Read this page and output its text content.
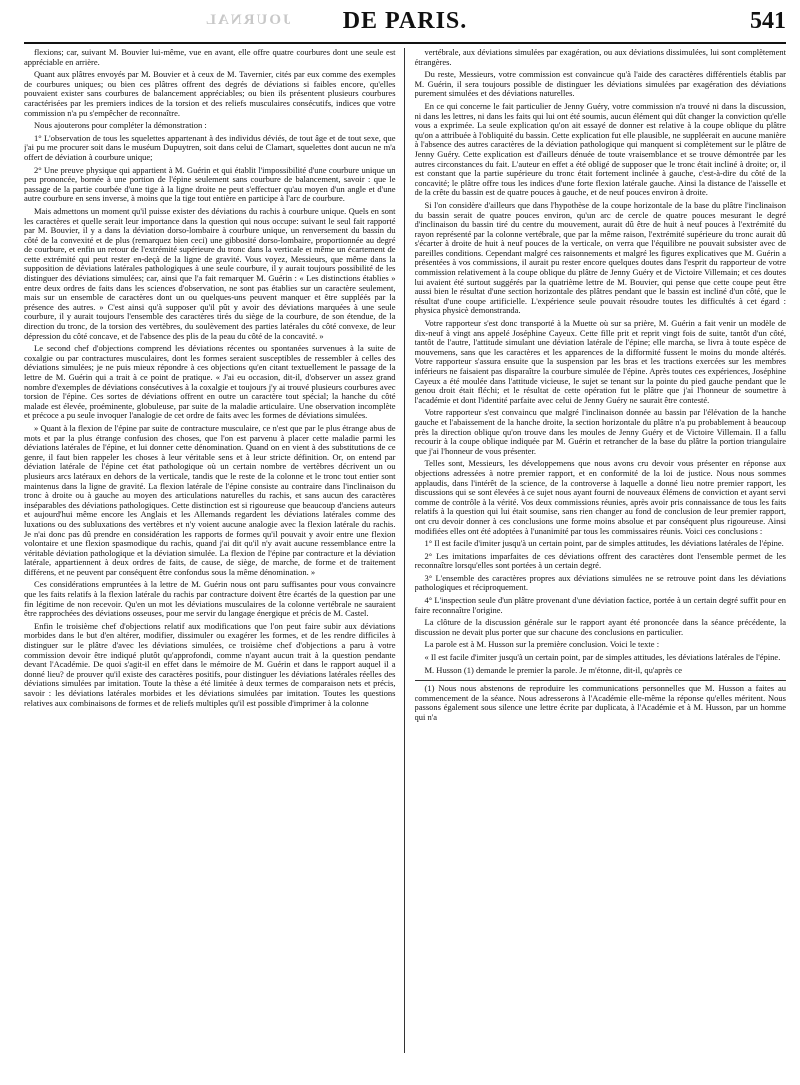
JOURNAL	DE PARIS.	541

flexions; car, suivant M. Bouvier lui-même, vue en avant, elle offre quatre courbures dont une seule est appréciable en arrière.

Quant aux plâtres envoyés par M. Bouvier et à ceux de M. Tavernier, cités par eux comme des exemples de courbures uniques; ou bien ces plâtres offrent des degrés de déviations si faibles encore, qu'elles pouvaient exister sans courbures de balancement appréciables; ou bien ils présentent plusieurs courbures caractérisées par les premiers indices de la torsion et des reliefs musculaires consécutifs, indices que votre commission n'a pu s'empêcher de reconnaître.

Nous ajouterons pour compléter la démonstration :

1° L'observation de tous les squelettes appartenant à des individus déviés, de tout âge et de tout sexe, que j'ai pu me procurer soit dans le muséum Dupuytren, soit dans celui de Clamart, squelettes dont aucun ne m'a offert de déviation à courbure unique;

2° Une preuve physique qui appartient à M. Guérin et qui établit l'impossibilité d'une courbure unique un peu prononcée, bornée à une portion de l'épine seulement sans courbure de balancement, savoir : que le passage de la partie courbée d'une tige à la ligne droite ne peut s'effectuer qu'au moyen d'un angle et d'une autre courbure en sens inverse, à moins que la tige tout entière en participe à l'arc de courbure.

Mais admettons un moment qu'il puisse exister des déviations du rachis à courbure unique. Quels en sont les caractères et quelle serait leur importance dans la question qui nous occupe: suivant le seul fait rapporté par M. Bouvier, il y a dans la déviation dorso-lombaire à courbure unique, un renversement du bassin du côté de la convexité et de plus (remarquez bien ceci) une gibbosité dorso-lombaire, proportionnée au degré de courbure, et enfin un retour de l'extrémité supérieure du tronc dans la verticale et même un écartement de cette extrémité qui peut rester en-deçà de la ligne de gravité. Vous voyez, Messieurs, que même dans la supposition de déviations latérales pathologiques à une seule courbure, il y aurait toujours possibilité de les distinguer des déviations simulées; car, ainsi que l'a fait remarquer M. Guérin : « Les distinctions établies » entre deux ordres de faits dans les sciences d'observation, ne sont pas établies sur un caractère seulement, mais sur un ensemble de caractères dont un ou quelques-uns peuvent manquer et être suppléés par la présence des autres. » C'est ainsi qu'à supposer qu'il pût y avoir des déviations marquées à une seule courbure, il y aurait toujours l'ensemble des caractères tirés du siège de la courbure, de son étendue, de la direction du tronc, de la torsion des vertèbres, du soulèvement des parties latérales du côté convexe, de leur dépression du côté concave, et de l'absence des plis de la peau du côté de la concavité. »

Le second chef d'objections comprend les déviations récentes ou spontanées survenues à la suite de coxalgie ou par contractures musculaires, dont les formes seraient susceptibles de ressembler à celles des déviations simulées; je ne puis mieux répondre à ces objections qu'en citant textuellement le passage de la lettre de M. Guérin qui a trait à ce point de pratique. « J'ai eu occasion, dit-il, d'observer un assez grand nombre d'exemples de déviations consécutives à la coxalgie et toujours j'y ai trouvé plusieurs courbures avec torsion de l'épine. Ces sortes de déviations offrent en outre un caractère tout spécial; la hanche du côté malade est élevée, proéminente, globuleuse, par suite de la maladie articulaire. Une observation incomplète et précoce a pu seule invoquer l'analogie de cet ordre de faits avec les formes de déviations simulées.

» Quant à la flexion de l'épine par suite de contracture musculaire, ce n'est que par le plus étrange abus de mots et par la plus étrange confusion des choses, que l'on est parvenu à placer cette maladie parmi les déviations latérales de l'épine, et lui donner cette dénomination. Quand on en vient à des substitutions de ce genre, il faut bien rappeler les choses à leur véritable sens et à leur stricte définition. Or, on entend par déviation latérale de l'épine cet état pathologique où un certain nombre de vertèbres décrivent un ou plusieurs arcs latéraux en dehors de la verticale, tandis que le reste de la colonne et le tronc tout entier sont maintenus dans la ligne de gravité. La flexion latérale de l'épine consiste au contraire dans l'inclinaison du tronc à droite ou à gauche au moyen des articulations naturelles du rachis, et sans aucun des caractères inséparables des déviations pathologiques. Cette distinction est si rigoureuse que beaucoup d'anciens auteurs et aujourd'hui même encore les Anglais et les Allemands regardent les déviations latérales comme des luxations ou des subluxations des vertèbres et n'y voient aucune analogie avec la flexion latérale du rachis. Je n'ai donc pas dû prendre en considération les rapports de formes qu'il pouvait y avoir entre une flexion volontaire et une flexion spasmodique du rachis, quand j'ai dit qu'il n'y avait aucune ressemblance entre la véritable déviation pathologique et la déviation simulée. La flexion de l'épine par contracture et la déviation latérale, appartiennent à deux ordres de faits, de cause, de siège, de marche, de forme et de traitement différens, et ne peuvent par conséquent être confondus sous la même dénomination. »

Ces considérations empruntées à la lettre de M. Guérin nous ont paru suffisantes pour vous convaincre que les faits relatifs à la flexion latérale du rachis par contracture doivent être écartés de la question par une fin légitime de non recevoir. Qu'en un mot les déviations musculaires de la colonne vertébrale ne sauraient être rapprochées des déviations osseuses, pour me servir du langage énergique et précis de M. Castel.

Enfin le troisième chef d'objections relatif aux modifications que l'on peut faire subir aux déviations morbides dans le but d'en altérer, modifier, dissimuler ou exagérer les formes, et de les rendre difficiles à distinguer sur le plâtre d'avec les déviations simulées, ce troisième chef d'objections a paru à votre commission devoir être indiqué plutôt qu'approfondi, comme n'ayant aucun trait à la question pendante devant l'Académie. De quoi s'agit-il en effet dans le mémoire de M. Guérin et dans le rapport auquel il a donné lieu? de prouver qu'il existe des caractères positifs, pour distinguer les déviations latérales réelles des déviations simulées par imitation. Toute la thèse a été limitée à deux termes de comparaison nets et précis, savoir : les déviations latérales morbides et les déviations simulées par imitation. Toutes les questions relatives aux combinaisons de formes et de reliefs multiples qu'il est possible d'imprimer à la colonne

vertébrale, aux déviations simulées par exagération, ou aux déviations dissimulées, lui sont complètement étrangères.

Du reste, Messieurs, votre commission est convaincue qu'à l'aide des caractères différentiels établis par M. Guérin, il sera toujours possible de distinguer les déviations simulées par exagération des déviations purement simulées et des déviations naturelles.

En ce qui concerne le fait particulier de Jenny Guéry, votre commission n'a trouvé ni dans la discussion, ni dans les lettres, ni dans les faits qui lui ont été soumis, aucun élément qui dût changer la conviction qu'elle vous a exprimée. La seule explication qu'on ait essayé de donner est relative à la coupe oblique du plâtre qu'on a attribuée à l'obliquité du bassin. Cette explication fut elle plausible, ne suppléerait en aucune manière à l'absence des autres caractères de la déviation pathologique qui manquent si complètement sur le plâtre de Jenny Guéry. Cette explication est d'ailleurs dénuée de toute vraisemblance et se trouve démontrée par les autres circonstances du fait. L'auteur en effet a été obligé de supposer que le tronc était incliné à droite; or, il est constant que la partie supérieure du tronc était fortement inclinée à gauche, c'est-à-dire du côté de la concavité; le plâtre offre tous les indices d'une forte flexion latérale gauche. Ainsi la distance de l'aisselle et de la crête du bassin est de quatre pouces à gauche, et de neuf pouces environ à droite.

Si l'on considère d'ailleurs que dans l'hypothèse de la coupe horizontale de la base du plâtre l'inclinaison du bassin serait de quatre pouces environ, qu'un arc de cercle de quatre pouces mesurant le degré d'inclinaison du bassin tiré du centre du mouvement, aurait dû être de huit à neuf pouces à l'extrémité du rayon représenté par la colonne vertébrale, que par la même raison, l'extrémité supérieure du tronc aurait dû s'écarter à droite de huit à neuf pouces de la verticale, on verra que l'équilibre ne pouvait subsister avec de pareilles conditions. Cependant malgré ces raisonnements et malgré les figures explicatives que M. Guérin a présentées à vos commissions, il aurait pu rester encore quelques doutes dans l'esprit du rapporteur de votre commission relativement à la coupe oblique du plâtre de Jenny Guéry et de Victoire Villemain; et ces doutes lui avaient été surtout suggérés par la quatrième lettre de M. Bouvier, qui pense que cette coupe peut être aussi bien le résultat d'une section horizontale des plâtres pendant que le bassin est incliné d'un côté, que le résultat d'une coupe artificielle. L'expérience seule pouvait résoudre toutes les difficultés à cet égard : physica physicè demonstranda.

Votre rapporteur s'est donc transporté à la Muette où sur sa prière, M. Guérin a fait venir un modèle de dix-neuf à vingt ans appelé Joséphine Cayeux. Cette fille prit et reprit vingt fois de suite, tantôt d'un côté, tantôt de l'autre, l'attitude simulant une déviation latérale de l'épine; elle marcha, se livra à toute espèce de mouvemens, sans que les caractères et les apparences de la difformité fussent le moins du monde altérés. Votre rapporteur s'assura ensuite que la suspension par les bras et les tractions exercées sur les membres inférieurs ne faisaient pas disparaître la courbure simulée de l'épine. Après toutes ces expériences, Joséphine Cayeux a été moulée dans l'attitude vicieuse, le sujet se tenant sur la pointe du pied gauche pendant que le genou droit était fléchi; et le résultat de cette opération fut le plâtre que j'ai l'honneur de soumettre à l'académie et dont l'identité parfaite avec celui de Jenny Guéry ne saurait être contesté.

Votre rapporteur s'est convaincu que malgré l'inclinaison donnée au bassin par l'élévation de la hanche gauche et l'abaissement de la hanche droite, la section horizontale du plâtre n'a pu probablement à beaucoup près la direction oblique qu'on trouve dans les moules de Jenny Guéry et de Victoire Villemain. Il a fallu recourir à la coupe oblique indiquée par M. Guérin et retrancher de la base du plâtre la portion triangulaire que j'ai l'honneur de vous présenter.

Telles sont, Messieurs, les développemens que nous avons cru devoir vous présenter en réponse aux objections adressées à notre premier rapport, et en conformité de la loi de justice. Nous nous sommes applaudis, dans l'intérêt de la science, de la controverse à laquelle a donné lieu notre premier rapport, les discussions qui se sont élevées à ce sujet nous ayant fourni de nouveaux élémens de conviction et ayant servi comme de contrôle à la vérité. Vos deux commissions réunies, après avoir pris connaissance de tous les faits relatifs à la question qui lui était soumise, sans rien changer au fond de conclusion de leur premier rapport, ont cru devoir donner à ces conclusions une forme moins absolue et par conséquent plus rigoureuse. Ainsi modifiées elles ont été adoptées à l'unanimité par tous les commissaires réunis. Voici ces conclusions :

1° Il est facile d'imiter jusqu'à un certain point, par de simples attitudes, les déviations latérales de l'épine.

2° Les imitations imparfaites de ces déviations offrent des caractères dont l'ensemble permet de les reconnaître lorsqu'elles sont portées à un certain degré.

3° L'ensemble des caractères propres aux déviations simulées ne se retrouve point dans les déviations pathologiques et réciproquement.

4° L'inspection seule d'un plâtre provenant d'une déviation factice, portée à un certain degré suffit pour en faire reconnaître l'origine.

La clôture de la discussion générale sur le rapport ayant été prononcée dans la séance précédente, la discussion ne devait plus porter que sur chacune des conclusions en particulier.

La parole est à M. Husson sur la première conclusion. Voici le texte :

« Il est facile d'imiter jusqu'à un certain point, par de simples attitudes, les déviations latérales de l'épine.

M. Husson (1) demande le premier la parole. Je m'étonne, dit-il, qu'après ce

(1) Nous nous abstenons de reproduire les communications personnelles que M. Husson a faites au commencement de la séance. Nous adresserons à l'Académie elle-même la réponse qu'elles méritent. Nous passons également sous silence une lettre écrite par duplicata, à l'Académie et à M. Husson, par un homme qui n'a
